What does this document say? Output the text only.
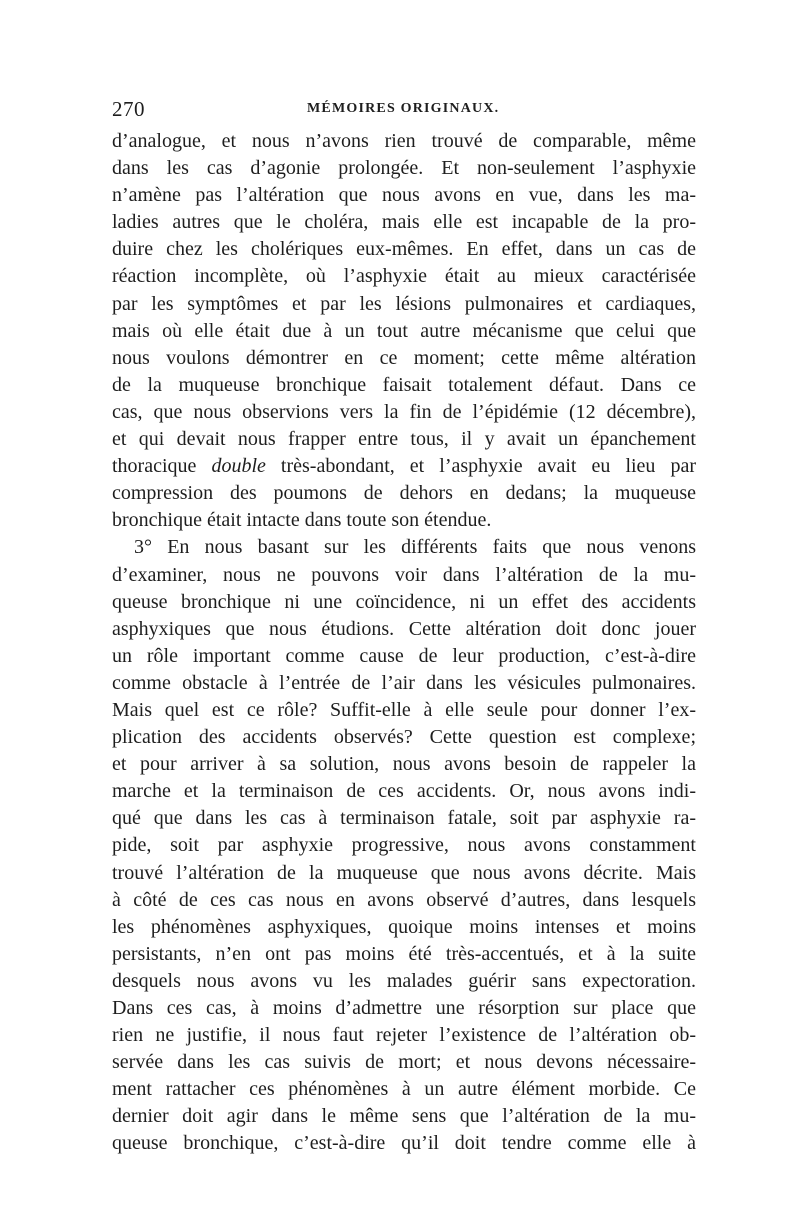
270	MÉMOIRES ORIGINAUX.
d’analogue, et nous n’avons rien trouvé de comparable, même
dans les cas d’agonie prolongée. Et non-seulement l’asphyxie
n’amène pas l’altération que nous avons en vue, dans les ma-
ladies autres que le choléra, mais elle est incapable de la pro-
duire chez les cholériques eux-mêmes. En effet, dans un cas de
réaction incomplète, où l’asphyxie était au mieux caractérisée
par les symptômes et par les lésions pulmonaires et cardiaques,
mais où elle était due à un tout autre mécanisme que celui que
nous voulons démontrer en ce moment; cette même altération
de la muqueuse bronchique faisait totalement défaut. Dans ce
cas, que nous observions vers la fin de l’épidémie (12 décembre),
et qui devait nous frapper entre tous, il y avait un épanchement
thoracique double très-abondant, et l’asphyxie avait eu lieu par
compression des poumons de dehors en dedans; la muqueuse
bronchique était intacte dans toute son étendue.
3° En nous basant sur les différents faits que nous venons
d’examiner, nous ne pouvons voir dans l’altération de la mu-
queuse bronchique ni une coïncidence, ni un effet des accidents
asphyxiques que nous étudions. Cette altération doit donc jouer
un rôle important comme cause de leur production, c’est-à-dire
comme obstacle à l’entrée de l’air dans les vésicules pulmonaires.
Mais quel est ce rôle? Suffit-elle à elle seule pour donner l’ex-
plication des accidents observés? Cette question est complexe;
et pour arriver à sa solution, nous avons besoin de rappeler la
marche et la terminaison de ces accidents. Or, nous avons indi-
qué que dans les cas à terminaison fatale, soit par asphyxie ra-
pide, soit par asphyxie progressive, nous avons constamment
trouvé l’altération de la muqueuse que nous avons décrite. Mais
à côté de ces cas nous en avons observé d’autres, dans lesquels
les phénomènes asphyxiques, quoique moins intenses et moins
persistants, n’en ont pas moins été très-accentués, et à la suite
desquels nous avons vu les malades guérir sans expectoration.
Dans ces cas, à moins d’admettre une résorption sur place que
rien ne justifie, il nous faut rejeter l’existence de l’altération ob-
servée dans les cas suivis de mort; et nous devons nécessaire-
ment rattacher ces phénomènes à un autre élément morbide. Ce
dernier doit agir dans le même sens que l’altération de la mu-
queuse bronchique, c’est-à-dire qu’il doit tendre comme elle à
